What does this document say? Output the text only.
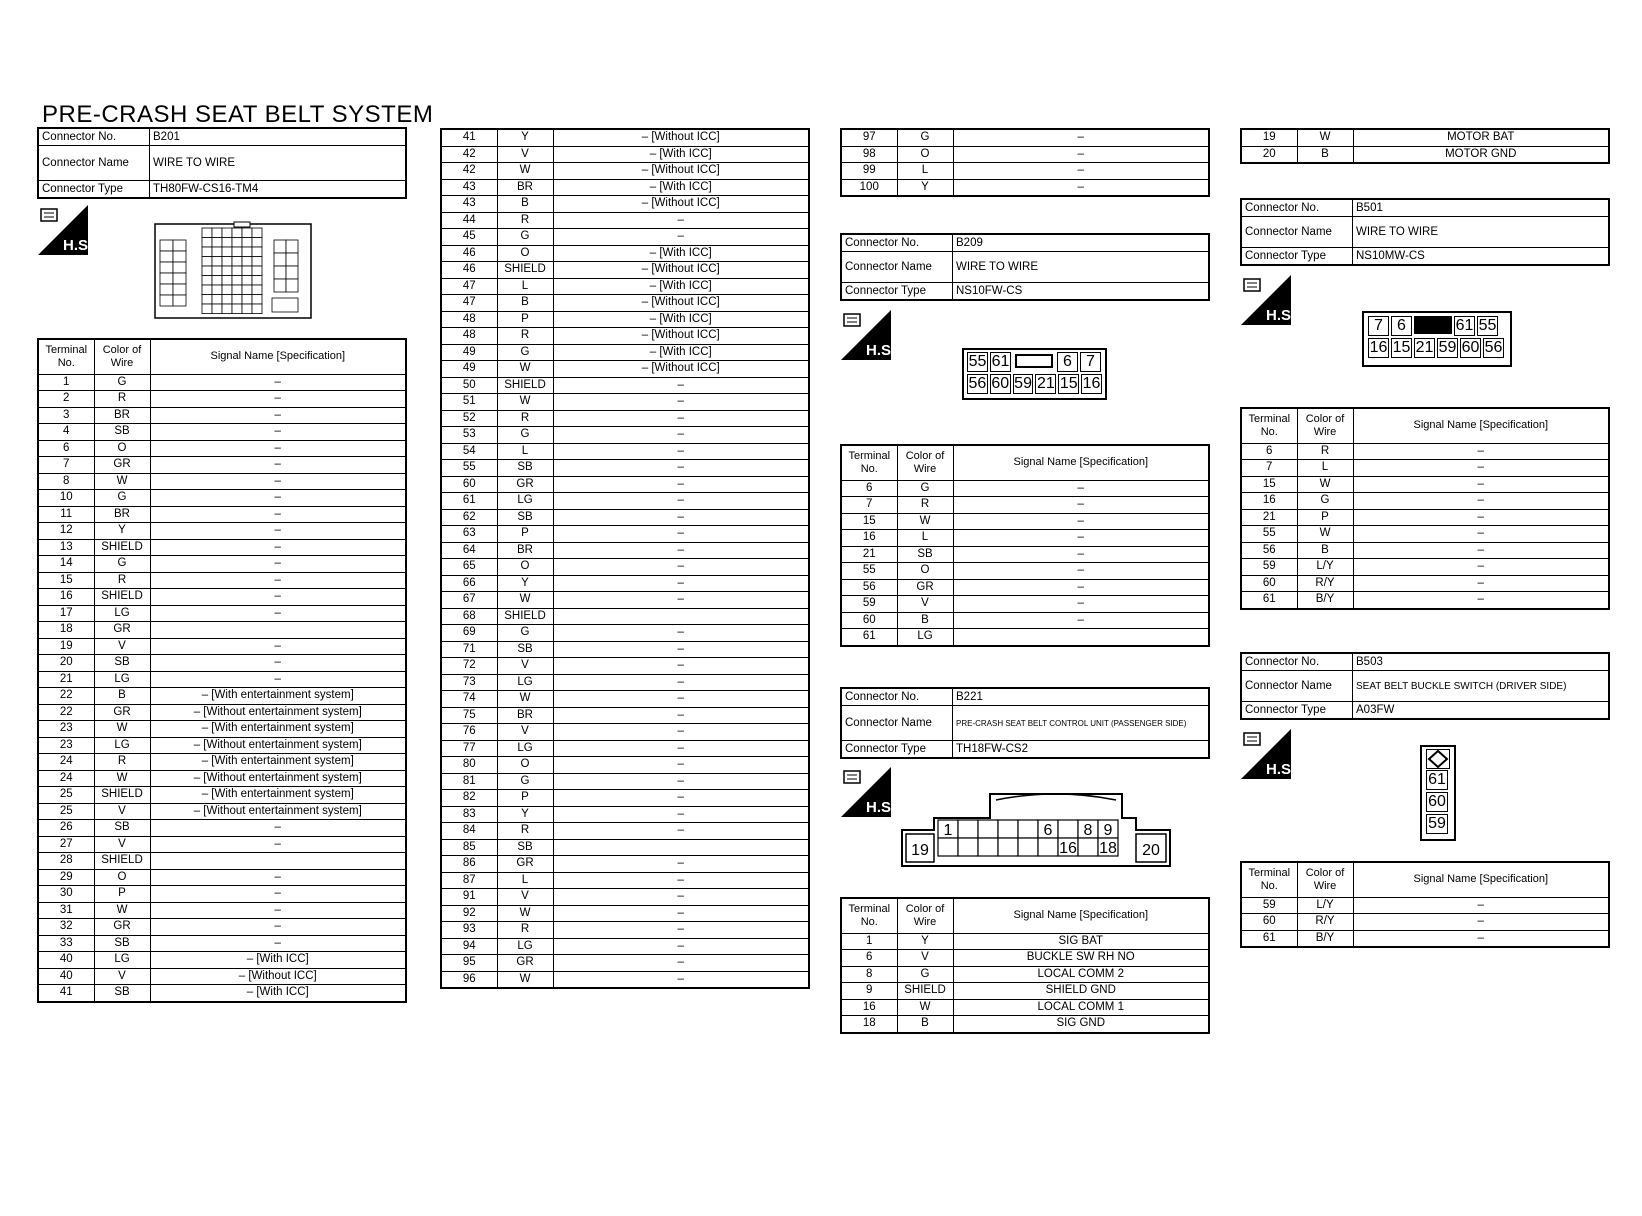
PRE-CRASH SEAT BELT SYSTEM
Connector No.	B201
Connector Name	WIRE TO WIRE
Connector Type	TH80FW-CS16-TM4
H.S.
Terminal No.	Color of Wire	Signal Name [Specification]
1	G	–
2	R	–
3	BR	–
4	SB	–
6	O	–
7	GR	–
8	W	–
10	G	–
11	BR	–
12	Y	–
13	SHIELD	–
14	G	–
15	R	–
16	SHIELD	–
17	LG	–
18	GR	
19	V	–
20	SB	–
21	LG	–
22	B	– [With entertainment system]
22	GR	– [Without entertainment system]
23	W	– [With entertainment system]
23	LG	– [Without entertainment system]
24	R	– [With entertainment system]
24	W	– [Without entertainment system]
25	SHIELD	– [With entertainment system]
25	V	– [Without entertainment system]
26	SB	–
27	V	–
28	SHIELD	
29	O	–
30	P	–
31	W	–
32	GR	–
33	SB	–
40	LG	– [With ICC]
40	V	– [Without ICC]
41	SB	– [With ICC]
41	Y	– [Without ICC]
42	V	– [With ICC]
42	W	– [Without ICC]
43	BR	– [With ICC]
43	B	– [Without ICC]
44	R	–
45	G	–
46	O	– [With ICC]
46	SHIELD	– [Without ICC]
47	L	– [With ICC]
47	B	– [Without ICC]
48	P	– [With ICC]
48	R	– [Without ICC]
49	G	– [With ICC]
49	W	– [Without ICC]
50	SHIELD	–
51	W	–
52	R	–
53	G	–
54	L	–
55	SB	–
60	GR	–
61	LG	–
62	SB	–
63	P	–
64	BR	–
65	O	–
66	Y	–
67	W	–
68	SHIELD	
69	G	–
71	SB	–
72	V	–
73	LG	–
74	W	–
75	BR	–
76	V	–
77	LG	–
80	O	–
81	G	–
82	P	–
83	Y	–
84	R	–
85	SB	
86	GR	–
87	L	–
91	V	–
92	W	–
93	R	–
94	LG	–
95	GR	–
96	W	–
97	G	–
98	O	–
99	L	–
100	Y	–
Connector No.	B209
Connector Name	WIRE TO WIRE
Connector Type	NS10FW-CS
H.S.
55 61	6 7
56 60 59 21 15 16
Terminal No.	Color of Wire	Signal Name [Specification]
6	G	–
7	R	–
15	W	–
16	L	–
21	SB	–
55	O	–
56	GR	–
59	V	–
60	B	–
61	LG	
Connector No.	B221
Connector Name	PRE-CRASH SEAT BELT CONTROL UNIT (PASSENGER SIDE)
Connector Type	TH18FW-CS2
H.S.
1	6 8 9
19	16 18 20
Terminal No.	Color of Wire	Signal Name [Specification]
1	Y	SIG BAT
6	V	BUCKLE SW RH NO
8	G	LOCAL COMM 2
9	SHIELD	SHIELD GND
16	W	LOCAL COMM 1
18	B	SIG GND
19	W	MOTOR BAT
20	B	MOTOR GND
Connector No.	B501
Connector Name	WIRE TO WIRE
Connector Type	NS10MW-CS
H.S.
7 6	61 55
16 15 21 59 60 56
Terminal No.	Color of Wire	Signal Name [Specification]
6	R	–
7	L	–
15	W	–
16	G	–
21	P	–
55	W	–
56	B	–
59	L/Y	–
60	R/Y	–
61	B/Y	–
Connector No.	B503
Connector Name	SEAT BELT BUCKLE SWITCH (DRIVER SIDE)
Connector Type	A03FW
H.S.
61
60
59
Terminal No.	Color of Wire	Signal Name [Specification]
59	L/Y	–
60	R/Y	–
61	B/Y	–
